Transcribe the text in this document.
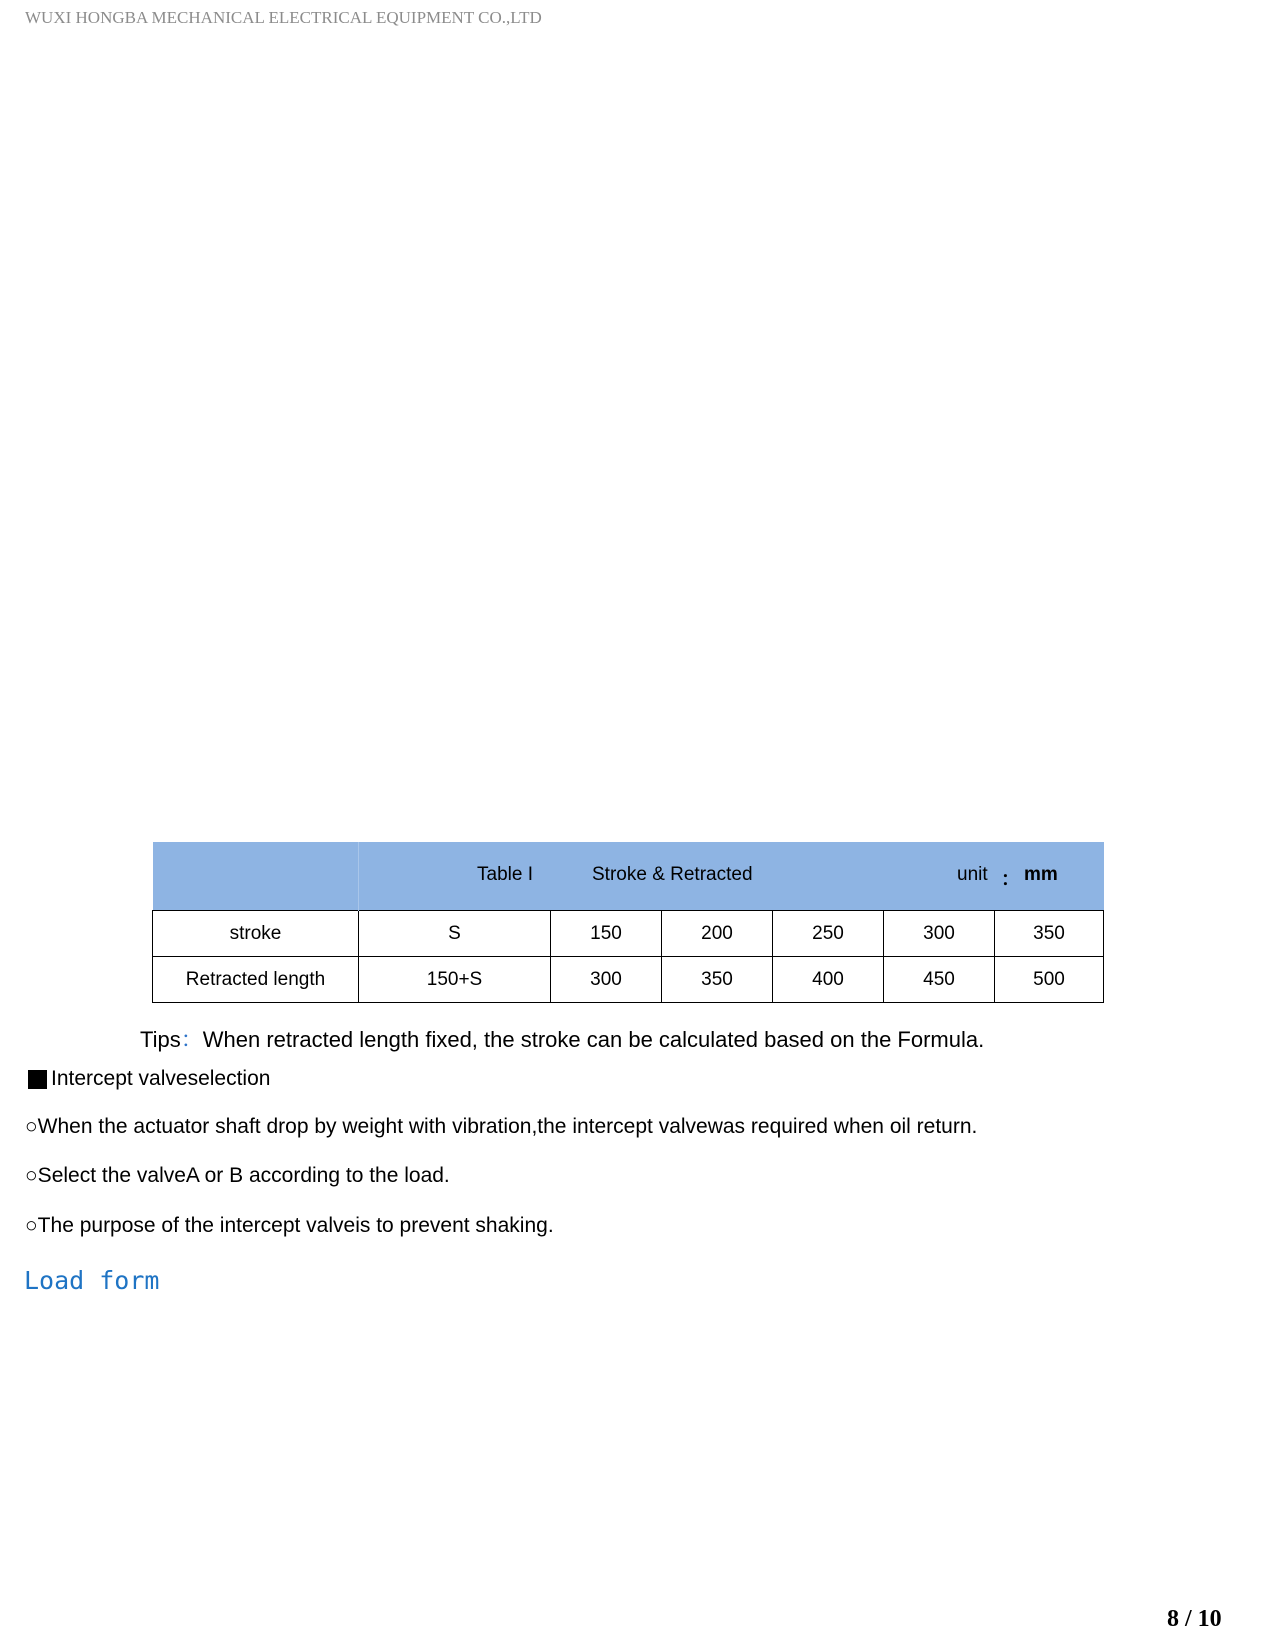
WUXI HONGBA MECHANICAL ELECTRICAL EQUIPMENT CO.,LTD

	Table I Stroke & Retracted unit ： mm					

stroke	S	150	200	250	300	350
Retracted length	150+S	300	350	400	450	500
Tips：When retracted length fixed, the stroke can be calculated based on the Formula.
Intercept valveselection
○When the actuator shaft drop by weight with vibration,the intercept valvewas required when oil return.
○Select the valveA or B according to the load.
○The purpose of the intercept valveis to prevent shaking.
Load form
8 / 10
